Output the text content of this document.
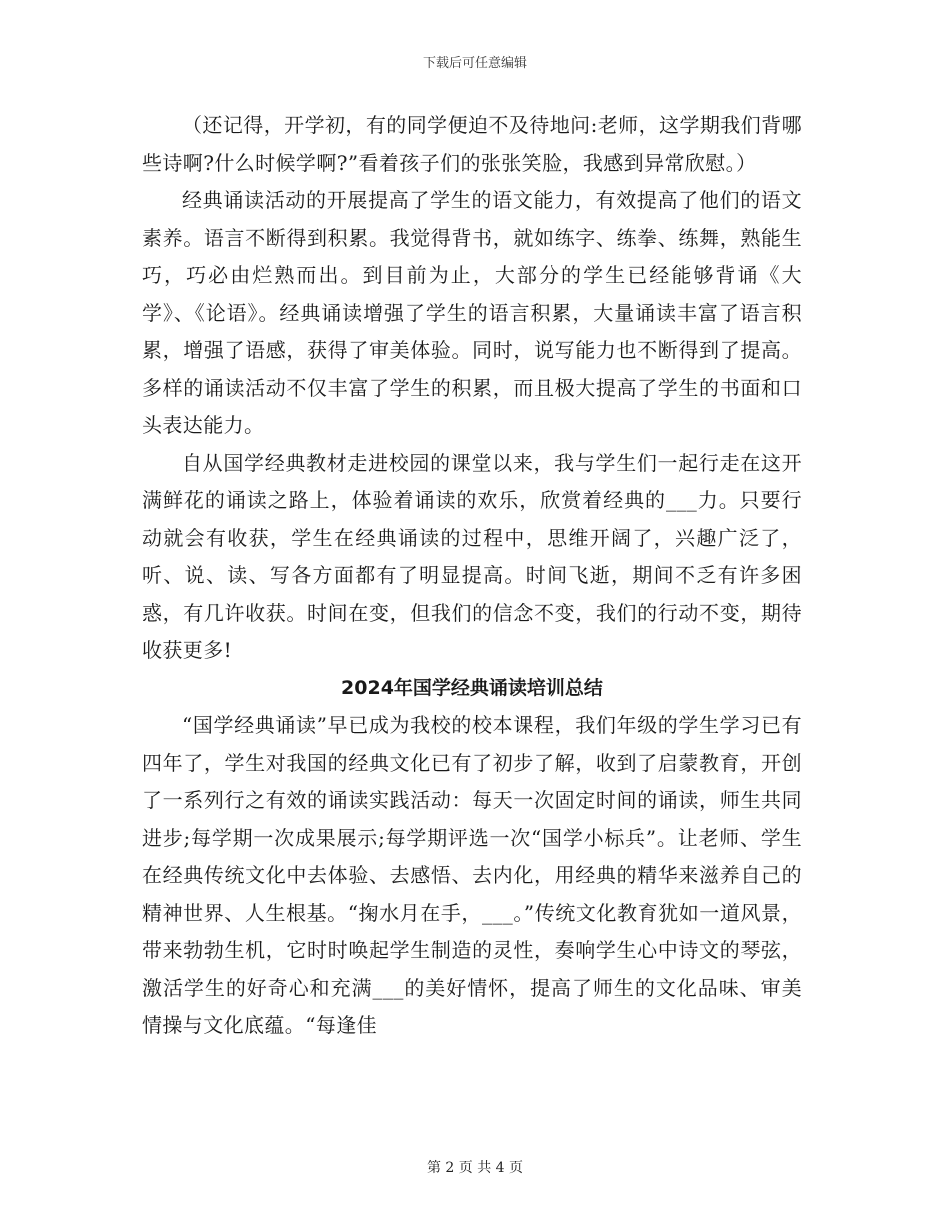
下载后可任意编辑

（还记得，开学初，有的同学便迫不及待地问:老师，这学期我们背哪些诗啊?什么时候学啊?”看着孩子们的张张笑脸，我感到异常欣慰。）

经典诵读活动的开展提高了学生的语文能力，有效提高了他们的语文素养。语言不断得到积累。我觉得背书，就如练字、练拳、练舞，熟能生巧，巧必由烂熟而出。到目前为止，大部分的学生已经能够背诵《大学》、《论语》。经典诵读增强了学生的语言积累，大量诵读丰富了语言积累，增强了语感，获得了审美体验。同时，说写能力也不断得到了提高。多样的诵读活动不仅丰富了学生的积累，而且极大提高了学生的书面和口头表达能力。

自从国学经典教材走进校园的课堂以来，我与学生们一起行走在这开满鲜花的诵读之路上，体验着诵读的欢乐，欣赏着经典的___力。只要行动就会有收获，学生在经典诵读的过程中，思维开阔了，兴趣广泛了，听、说、读、写各方面都有了明显提高。时间飞逝，期间不乏有许多困惑，有几许收获。时间在变，但我们的信念不变，我们的行动不变，期待收获更多!

2024年国学经典诵读培训总结

“国学经典诵读”早已成为我校的校本课程，我们年级的学生学习已有四年了，学生对我国的经典文化已有了初步了解，收到了启蒙教育，开创了一系列行之有效的诵读实践活动：每天一次固定时间的诵读，师生共同进步;每学期一次成果展示;每学期评选一次“国学小标兵”。让老师、学生在经典传统文化中去体验、去感悟、去内化，用经典的精华来滋养自己的精神世界、人生根基。“掬水月在手，___。”传统文化教育犹如一道风景，带来勃勃生机，它时时唤起学生制造的灵性，奏响学生心中诗文的琴弦，激活学生的好奇心和充满___的美好情怀，提高了师生的文化品味、审美情操与文化底蕴。“每逢佳

第 2 页 共 4 页
